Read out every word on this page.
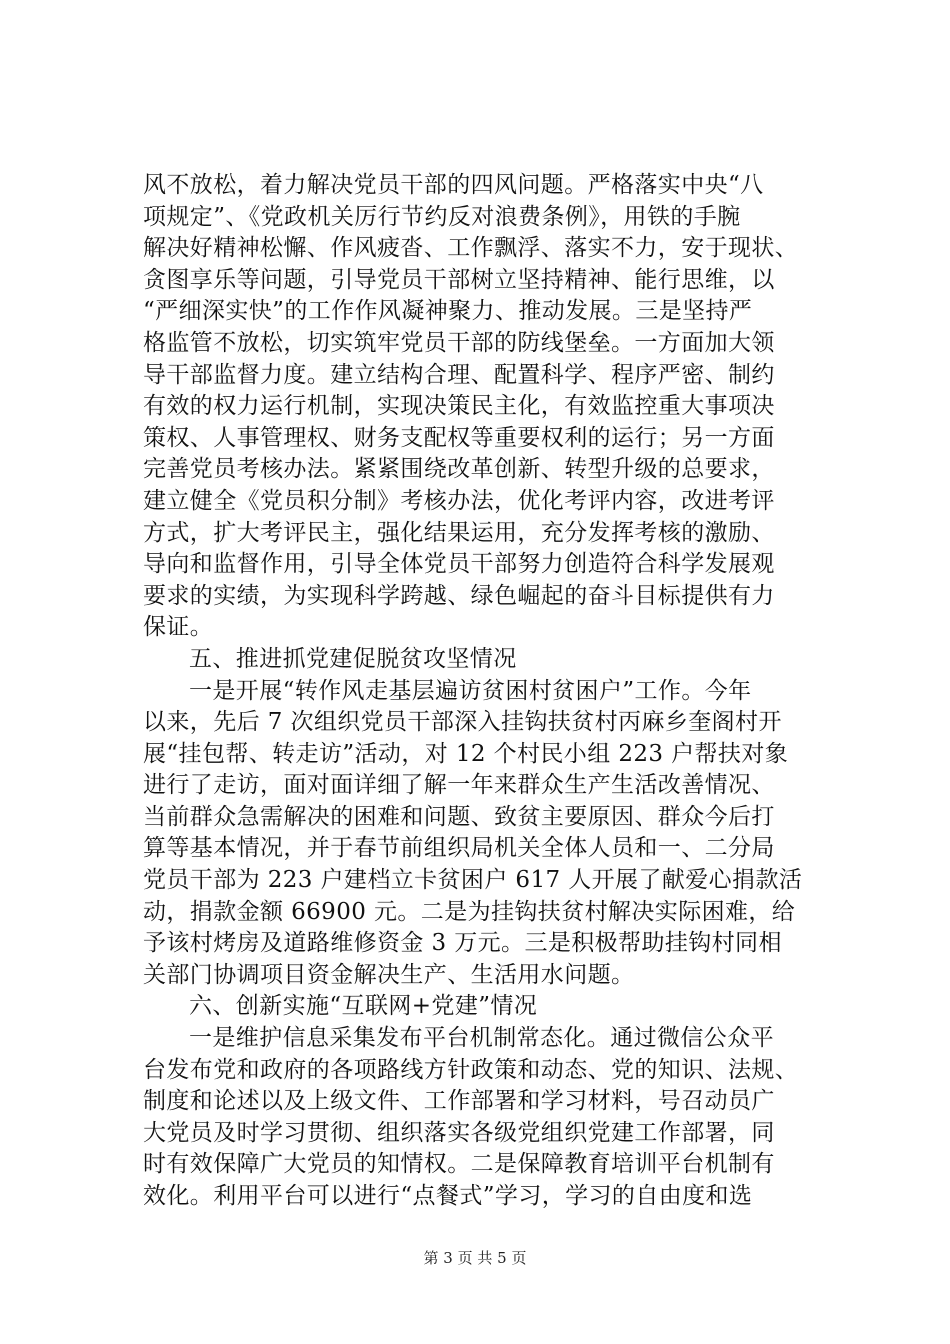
风不放松，着力解决党员干部的四风问题。严格落实中央“八
项规定”、《党政机关厉行节约反对浪费条例》，用铁的手腕
解决好精神松懈、作风疲沓、工作飘浮、落实不力，安于现状、
贪图享乐等问题，引导党员干部树立坚持精神、能行思维，以
“严细深实快”的工作作风凝神聚力、推动发展。三是坚持严
格监管不放松，切实筑牢党员干部的防线堡垒。一方面加大领
导干部监督力度。建立结构合理、配置科学、程序严密、制约
有效的权力运行机制，实现决策民主化，有效监控重大事项决
策权、人事管理权、财务支配权等重要权利的运行；另一方面
完善党员考核办法。紧紧围绕改革创新、转型升级的总要求，
建立健全《党员积分制》考核办法，优化考评内容，改进考评
方式，扩大考评民主，强化结果运用，充分发挥考核的激励、
导向和监督作用，引导全体党员干部努力创造符合科学发展观
要求的实绩，为实现科学跨越、绿色崛起的奋斗目标提供有力
保证。
五、推进抓党建促脱贫攻坚情况
一是开展“转作风走基层遍访贫困村贫困户”工作。今年
以来，先后 7 次组织党员干部深入挂钩扶贫村丙麻乡奎阁村开
展“挂包帮、转走访”活动，对 12 个村民小组 223 户帮扶对象
进行了走访，面对面详细了解一年来群众生产生活改善情况、
当前群众急需解决的困难和问题、致贫主要原因、群众今后打
算等基本情况，并于春节前组织局机关全体人员和一、二分局
党员干部为 223 户建档立卡贫困户 617 人开展了献爱心捐款活
动，捐款金额 66900 元。二是为挂钩扶贫村解决实际困难，给
予该村烤房及道路维修资金 3 万元。三是积极帮助挂钩村同相
关部门协调项目资金解决生产、生活用水问题。
六、创新实施“互联网+党建”情况
一是维护信息采集发布平台机制常态化。通过微信公众平
台发布党和政府的各项路线方针政策和动态、党的知识、法规、
制度和论述以及上级文件、工作部署和学习材料，号召动员广
大党员及时学习贯彻、组织落实各级党组织党建工作部署，同
时有效保障广大党员的知情权。二是保障教育培训平台机制有
效化。利用平台可以进行“点餐式”学习，学习的自由度和选
第 3 页 共 5 页
